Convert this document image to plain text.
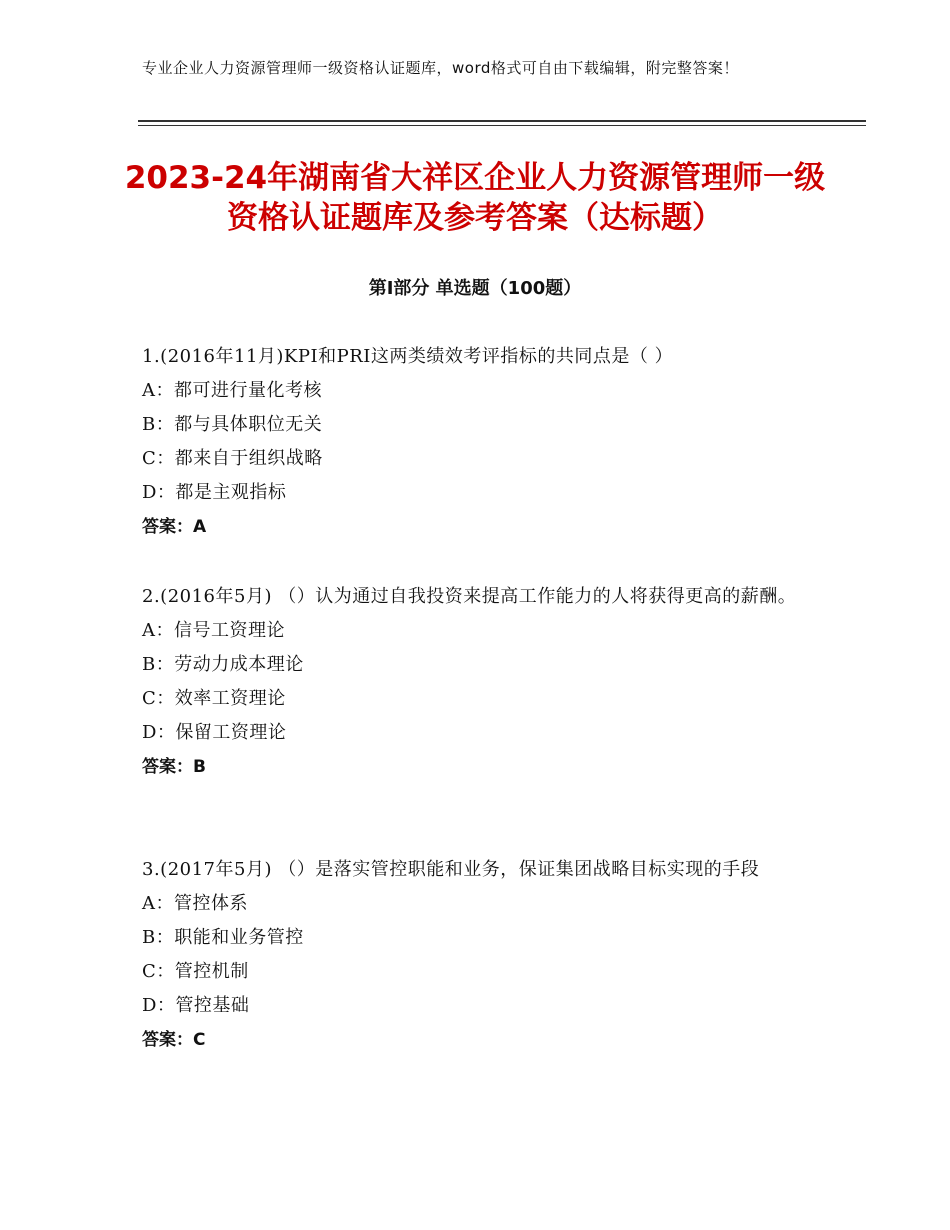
专业企业人力资源管理师一级资格认证题库，word格式可自由下载编辑，附完整答案！
2023-24年湖南省大祥区企业人力资源管理师一级资格认证题库及参考答案（达标题）
第Ⅰ部分 单选题（100题）
1.(2016年11月)KPI和PRI这两类绩效考评指标的共同点是（ ）
A：都可进行量化考核
B：都与具体职位无关
C：都来自于组织战略
D：都是主观指标
答案：A
2.(2016年5月) （）认为通过自我投资来提高工作能力的人将获得更高的薪酬。
A：信号工资理论
B：劳动力成本理论
C：效率工资理论
D：保留工资理论
答案：B
3.(2017年5月) （）是落实管控职能和业务，保证集团战略目标实现的手段
A：管控体系
B：职能和业务管控
C：管控机制
D：管控基础
答案：C
